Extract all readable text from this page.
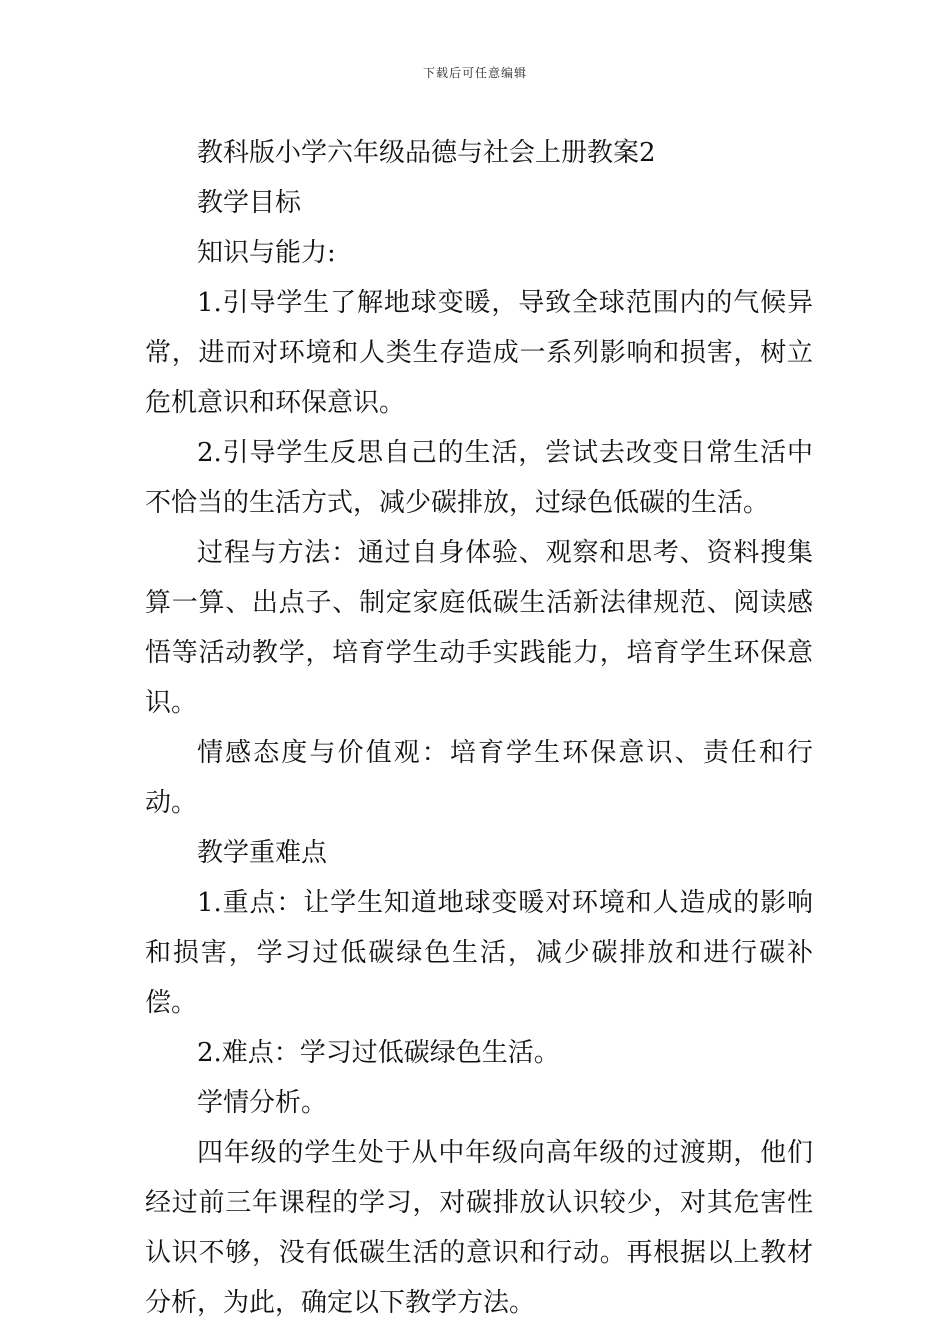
下载后可任意编辑

教科版小学六年级品德与社会上册教案2

教学目标

知识与能力:

1.引导学生了解地球变暖，导致全球范围内的气候异常，进而对环境和人类生存造成一系列影响和损害，树立危机意识和环保意识。

2.引导学生反思自己的生活，尝试去改变日常生活中不恰当的生活方式，减少碳排放，过绿色低碳的生活。

过程与方法：通过自身体验、观察和思考、资料搜集算一算、出点子、制定家庭低碳生活新法律规范、阅读感悟等活动教学，培育学生动手实践能力，培育学生环保意识。

情感态度与价值观：培育学生环保意识、责任和行动。

教学重难点

1.重点：让学生知道地球变暖对环境和人造成的影响和损害，学习过低碳绿色生活，减少碳排放和进行碳补偿。

2.难点：学习过低碳绿色生活。

学情分析。

四年级的学生处于从中年级向高年级的过渡期，他们经过前三年课程的学习，对碳排放认识较少，对其危害性认识不够，没有低碳生活的意识和行动。再根据以上教材分析，为此，确定以下教学方法。
